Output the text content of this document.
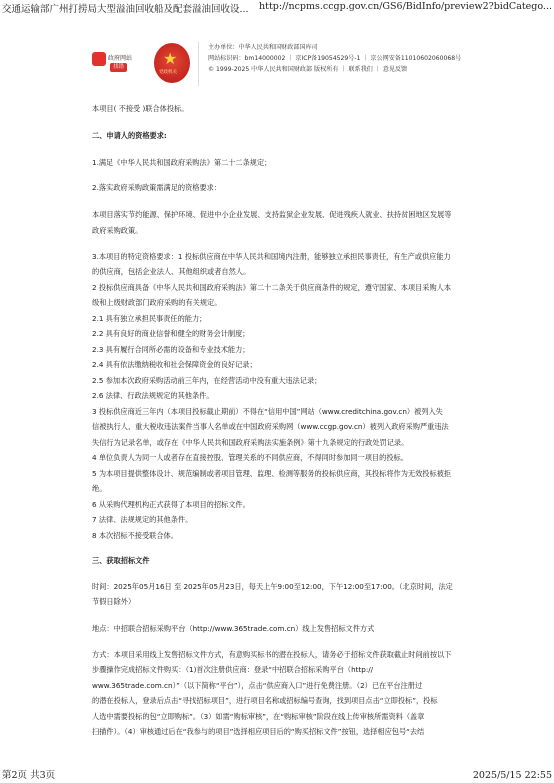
交通运输部广州打捞局大型溢油回收船及配套溢油回收设... http://ncpms.ccgp.gov.cn/GS6/BidInfo/preview2?bidCatego...
政府网站
找错 ★
党政机关
主办单位：中华人民共和国财政部国库司
网站标识码：bm14000002 ｜ 京ICP备19054529号-1 ｜ 京公网安备11010602060068号
© 1999-2025 中华人民共和国财政部 版权所有 ｜ 联系我们 ｜ 意见反馈
本项目( 不接受 )联合体投标。
二、申请人的资格要求:
1.满足《中华人民共和国政府采购法》第二十二条规定；
2.落实政府采购政策需满足的资格要求：
本项目落实节约能源、保护环境、促进中小企业发展、支持监狱企业发展、促进残疾人就业、扶持贫困地区发展等
政府采购政策。
3.本项目的特定资格要求：1 投标供应商在中华人民共和国境内注册，能够独立承担民事责任，有生产或供应能力
的供应商，包括企业法人、其他组织或者自然人。
2 投标供应商具备《中华人民共和国政府采购法》第二十二条关于供应商条件的规定，遵守国家、本项目采购人本
级和上级财政部门政府采购的有关规定。
2.1 具有独立承担民事责任的能力；
2.2 具有良好的商业信誉和健全的财务会计制度；
2.3 具有履行合同所必需的设备和专业技术能力；
2.4 具有依法缴纳税收和社会保障资金的良好记录；
2.5 参加本次政府采购活动前三年内，在经营活动中没有重大违法记录；
2.6 法律、行政法规规定的其他条件。
3 投标供应商近三年内（本项目投标截止期前）不得在“信用中国”网站（www.creditchina.gov.cn）被列入失
信被执行人、重大税收违法案件当事人名单或在中国政府采购网（www.ccgp.gov.cn）被列入政府采购严重违法
失信行为记录名单，或存在《中华人民共和国政府采购法实施条例》第十九条规定的行政处罚记录。
4 单位负责人为同一人或者存在直接控股、管理关系的不同供应商，不得同时参加同一项目的投标。
5 为本项目提供整体设计、规范编制或者项目管理、监理、检测等服务的投标供应商，其投标将作为无效投标被拒
绝。
6 从采购代理机构正式获得了本项目的招标文件。
7 法律、法规规定的其他条件。
8 本次招标不接受联合体。
三、获取招标文件
时间：2025年05月16日 至 2025年05月23日，每天上午9:00至12:00，下午12:00至17:00。（北京时间，法定
节假日除外）
地点：中招联合招标采购平台（http://www.365trade.com.cn）线上发售招标文件方式
方式：本项目采用线上发售招标文件方式，有意购买标书的潜在投标人，请务必于招标文件获取截止时间前按以下
步骤操作完成招标文件购买：（1)首次注册供应商：登录“中招联合招标采购平台（http://
www.365trade.com.cn）”（以下简称“平台”），点击“供应商入口”进行免费注册。（2）已在平台注册过
的潜在投标人，登录后点击“寻找招标项目”，进行项目名称或招标编号查询，找到项目点击“立即投标”，投标
人选中需要投标的包“立即购标”。（3）如需“购标审核”，在“购标审核”阶段在线上传审核所需资料（盖章
扫描件）。（4）审核通过后在“我参与的项目”选择相应项目后的“购买招标文件”按钮，选择相应包号“去结
第2页 共3页	2025/5/15 22:55
